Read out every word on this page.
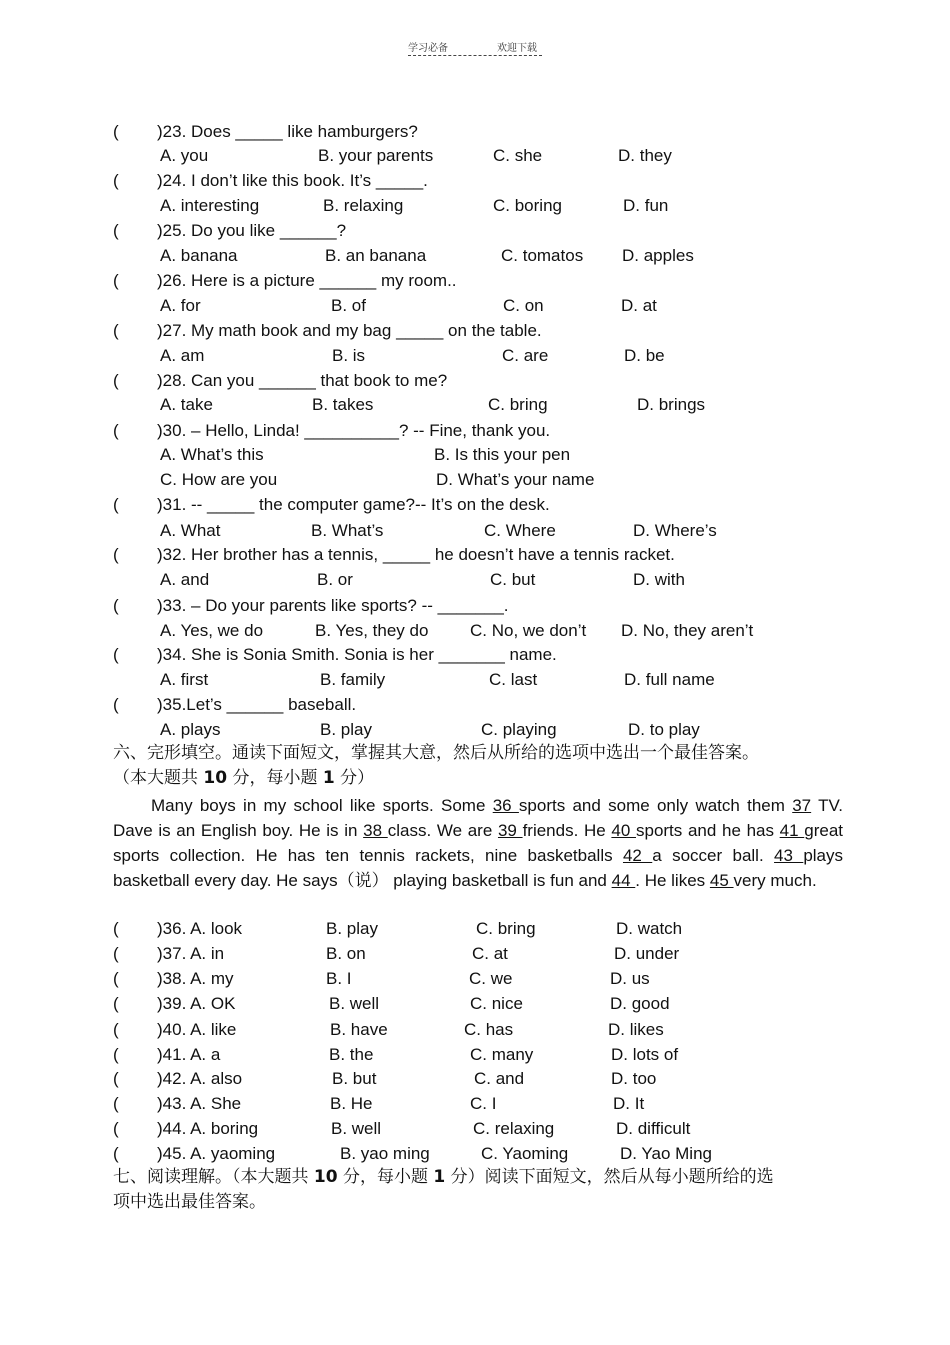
学习必备	欢迎下载
( )23. Does _____ like hamburgers?
A. you	B. your parents	C. she	D. they
( )24. I don’t like this book. It’s _____.
A. interesting	B. relaxing	C. boring	D. fun
( )25. Do you like ______?
A. banana	B. an banana	C. tomatos D. apples
( )26. Here is a picture ______ my room..
A. for	B. of	C. on	D. at
( )27. My math book and my bag _____ on the table.
A. am	B. is	C. are	D. be
( )28. Can you ______ that book to me?
A. take	B. takes	C. bring	D. brings
( )30. – Hello, Linda! __________? -- Fine, thank you.
A. What’s this	B. Is this your pen
C. How are you	D. What’s your name
( )31. -- _____ the computer game?-- It’s on the desk.
A. What	B. What’s	C. Where	D. Where’s
( )32. Her brother has a tennis, _____ he doesn’t have a tennis racket.
A. and	B. or	C. but	D. with
( )33. – Do your parents like sports? -- _______.
A. Yes, we do	B. Yes, they do C. No, we don’t D. No, they aren’t
( )34. She is Sonia Smith. Sonia is her _______ name.
A. first	B. family	C. last	D. full name
( )35.Let’s ______ baseball.
A. plays	B. play	C. playing	D. to play
六、完形填空。通读下面短文，掌握其大意，然后从所给的选项中选出一个最佳答案。
（本大题共 10 分，每小题 1 分）
Many boys in my school like sports. Some 36 sports and some only watch them 37 TV. Dave is an English boy. He is in 38 class. We are 39 friends. He 40 sports and he has 41 great sports collection. He has ten tennis rackets, nine basketballs 42 a soccer ball. 43 plays basketball every day. He says（说） playing basketball is fun and 44 . He likes 45 very much.
( )36. A. look	B. play	C. bring	D. watch
( )37. A. in	B. on	C. at	D. under
( )38. A. my	B. I	C. we	D. us
( )39. A. OK	B. well	C. nice	D. good
( )40. A. like	B. have	C. has	D. likes
( )41. A. a	B. the	C. many	D. lots of
( )42. A. also	B. but	C. and	D. too
( )43. A. She	B. He	C. I	D. It
( )44. A. boring	B. well	C. relaxing	D. difficult
( )45. A. yaoming	B. yao ming	C. Yaoming	D. Yao Ming
七、阅读理解。（本大题共 10 分，每小题 1 分）阅读下面短文，然后从每小题所给的选
项中选出最佳答案。
